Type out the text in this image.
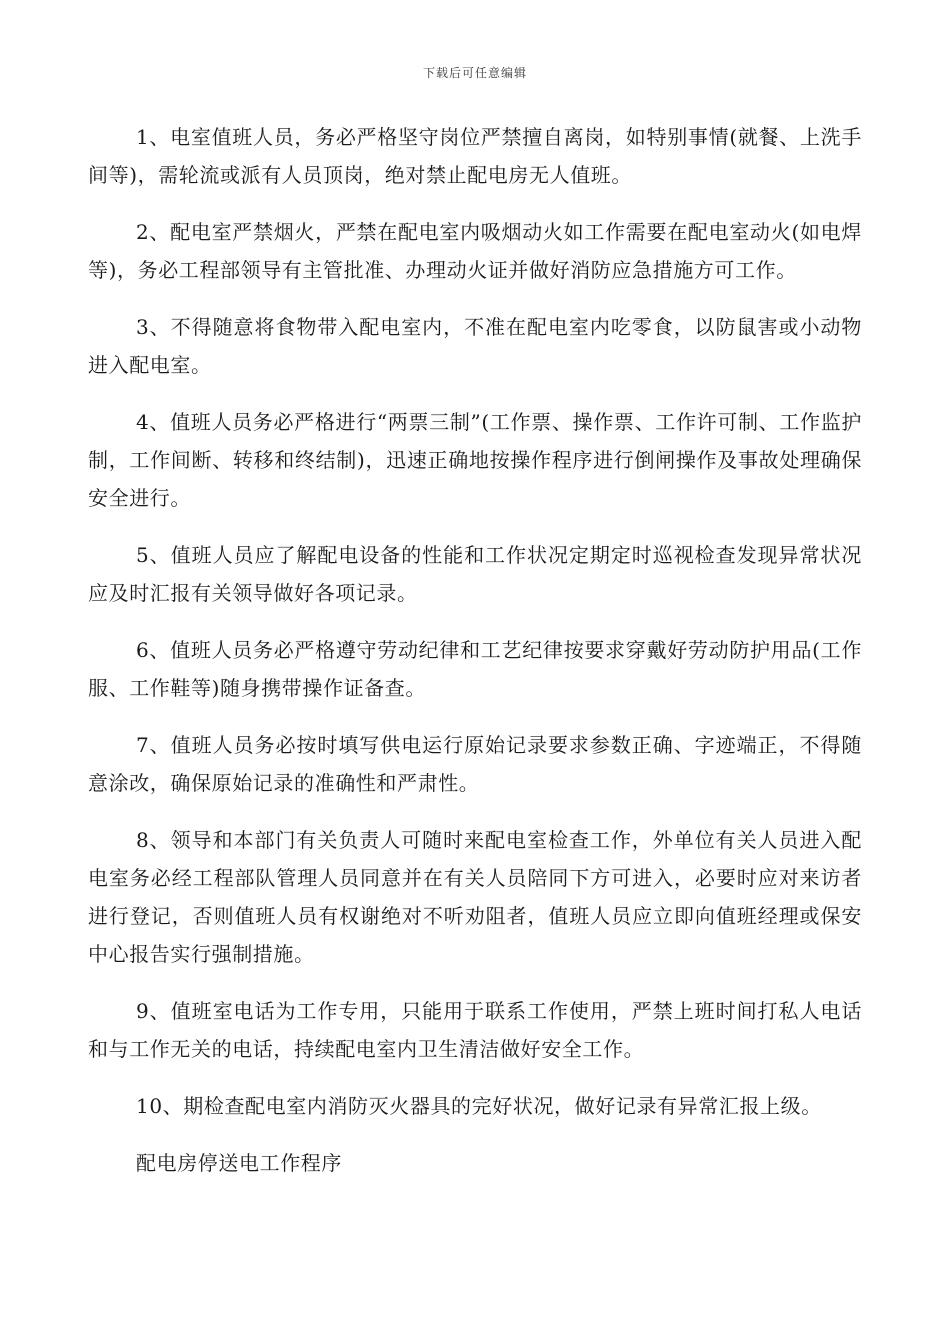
下载后可任意编辑

1、电室值班人员，务必严格坚守岗位严禁擅自离岗，如特别事情(就餐、上洗手间等)，需轮流或派有人员顶岗，绝对禁止配电房无人值班。

2、配电室严禁烟火，严禁在配电室内吸烟动火如工作需要在配电室动火(如电焊等)，务必工程部领导有主管批准、办理动火证并做好消防应急措施方可工作。

3、不得随意将食物带入配电室内，不准在配电室内吃零食，以防鼠害或小动物进入配电室。

4、值班人员务必严格进行“两票三制”(工作票、操作票、工作许可制、工作监护制，工作间断、转移和终结制)，迅速正确地按操作程序进行倒闸操作及事故处理确保安全进行。

5、值班人员应了解配电设备的性能和工作状况定期定时巡视检查发现异常状况应及时汇报有关领导做好各项记录。

6、值班人员务必严格遵守劳动纪律和工艺纪律按要求穿戴好劳动防护用品(工作服、工作鞋等)随身携带操作证备查。

7、值班人员务必按时填写供电运行原始记录要求参数正确、字迹端正，不得随意涂改，确保原始记录的准确性和严肃性。

8、领导和本部门有关负责人可随时来配电室检查工作，外单位有关人员进入配电室务必经工程部队管理人员同意并在有关人员陪同下方可进入，必要时应对来访者进行登记，否则值班人员有权谢绝对不听劝阻者，值班人员应立即向值班经理或保安中心报告实行强制措施。

9、值班室电话为工作专用，只能用于联系工作使用，严禁上班时间打私人电话和与工作无关的电话，持续配电室内卫生清洁做好安全工作。

10、期检查配电室内消防灭火器具的完好状况，做好记录有异常汇报上级。

配电房停送电工作程序
